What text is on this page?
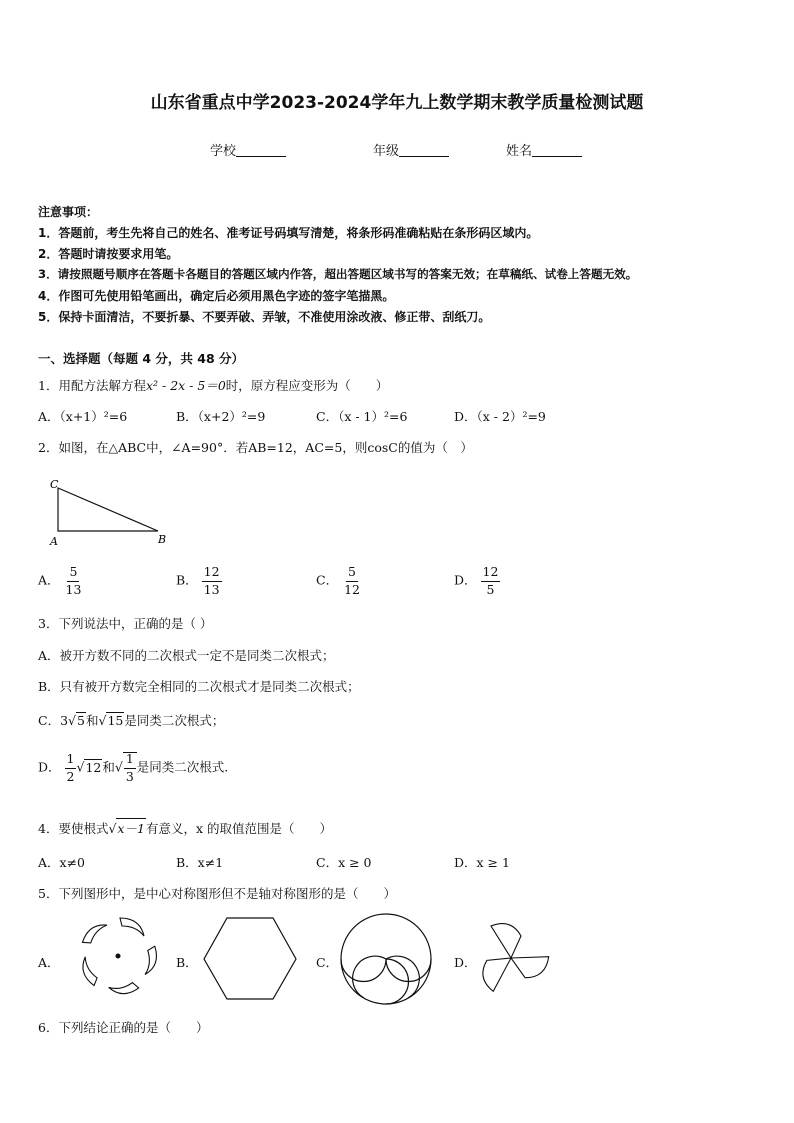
山东省重点中学2023-2024学年九上数学期末教学质量检测试题
学校	年级	姓名
注意事项：
1．答题前，考生先将自己的姓名、准考证号码填写清楚，将条形码准确粘贴在条形码区域内。
2．答题时请按要求用笔。
3．请按照题号顺序在答题卡各题目的答题区域内作答，超出答题区域书写的答案无效；在草稿纸、试卷上答题无效。
4．作图可先使用铅笔画出，确定后必须用黑色字迹的签字笔描黑。
5．保持卡面清洁，不要折暴、不要弄破、弄皱，不准使用涂改液、修正带、刮纸刀。
一、选择题（每题 4 分，共 48 分）
1．用配方法解方程x² - 2x - 5＝0时，原方程应变形为（　　）
A．（x+1）²=6	B．（x+2）²=9	C．（x - 1）²=6	D．（x - 2）²=9
2．如图，在△ABC中，∠A=90°．若AB=12，AC=5，则cosC的值为（　）
C
A	B
A． $\frac{5}{13}$	B． $\frac{12}{13}$	C． $\frac{5}{12}$	D． $\frac{12}{5}$
3．下列说法中，正确的是（ ）
A．被开方数不同的二次根式一定不是同类二次根式；
B．只有被开方数完全相同的二次根式才是同类二次根式；
C．3√5和√15是同类二次根式；
D． $\frac{1}{2} √12$和√ $\frac{1}{3}$ 是同类二次根式.
4．要使根式√x－1有意义，x 的取值范围是（　　）
A．x≠0	B．x≠1	C．x ≥ 0	D．x ≥ 1
5．下列图形中，是中心对称图形但不是轴对称图形的是（　　）
A．	B．	C．	D．
6．下列结论正确的是（　　）
